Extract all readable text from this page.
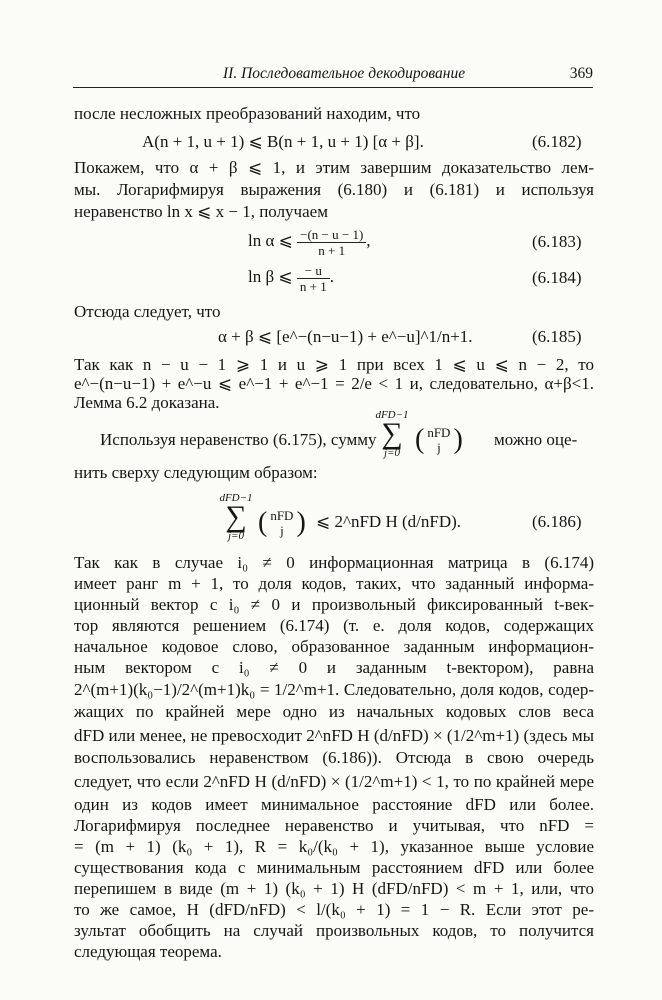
II. Последовательное декодирование	369
после несложных преобразований находим, что
A(n + 1, u + 1) ⩽ B(n + 1, u + 1) [α + β].	(6.182)
Покажем, что α + β ⩽ 1, и этим завершим доказательство лем-
мы. Логарифмируя выражения (6.180) и (6.181) и используя
неравенство ln x ⩽ x − 1, получаем
ln α ⩽ $\frac{-(n - u - 1)}{n + 1}$ ,	(6.183)
ln β ⩽ $\frac{- u}{n + 1}$ .	(6.184)
Отсюда следует, что
α + β ⩽ [e^−(n−u−1) + e^−u]^1/n+1.	(6.185)
Так как n − u − 1 ⩾ 1 и u ⩾ 1 при всех 1 ⩽ u ⩽ n − 2, то
e^−(n−u−1) + e^−u ⩽ e^−1 + e^−1 = 2/e < 1 и, следовательно, α+β<1.
Лемма 6.2 доказана.
Используя неравенство (6.175), сумму
dFD−1
∑
j=0 ( nFD
j ) можно оце-
нить сверху следующим образом:
dFD−1
∑
j=0 ( nFD
j ) ⩽ 2^nFD H (d/nFD).	(6.186)
Так как в случае i₀ ≠ 0 информационная матрица в (6.174)
имеет ранг m + 1, то доля кодов, таких, что заданный информа-
ционный вектор с i₀ ≠ 0 и произвольный фиксированный t-век-
тор являются решением (6.174) (т. е. доля кодов, содержащих
начальное кодовое слово, образованное заданным информацион-
ным вектором с i₀ ≠ 0 и заданным t-вектором), равна
2^(m+1)(k₀−1)/2^(m+1)k₀ = 1/2^m+1. Следовательно, доля кодов, содер-
жащих по крайней мере одно из начальных кодовых слов веса
dFD или менее, не превосходит 2^nFD H (d/nFD) × (1/2^m+1) (здесь мы
воспользовались неравенством (6.186)). Отсюда в свою очередь
следует, что если 2^nFD H (d/nFD) × (1/2^m+1) < 1, то по крайней мере
один из кодов имеет минимальное расстояние dFD или более.
Логарифмируя последнее неравенство и учитывая, что nFD =
= (m + 1) (k₀ + 1), R = k₀/(k₀ + 1), указанное выше условие
существования кода с минимальным расстоянием dFD или более
перепишем в виде (m + 1) (k₀ + 1) H (dFD/nFD) < m + 1, или, что
то же самое, H (dFD/nFD) < l/(k₀ + 1) = 1 − R. Если этот ре-
зультат обобщить на случай произвольных кодов, то получится
следующая теорема.
